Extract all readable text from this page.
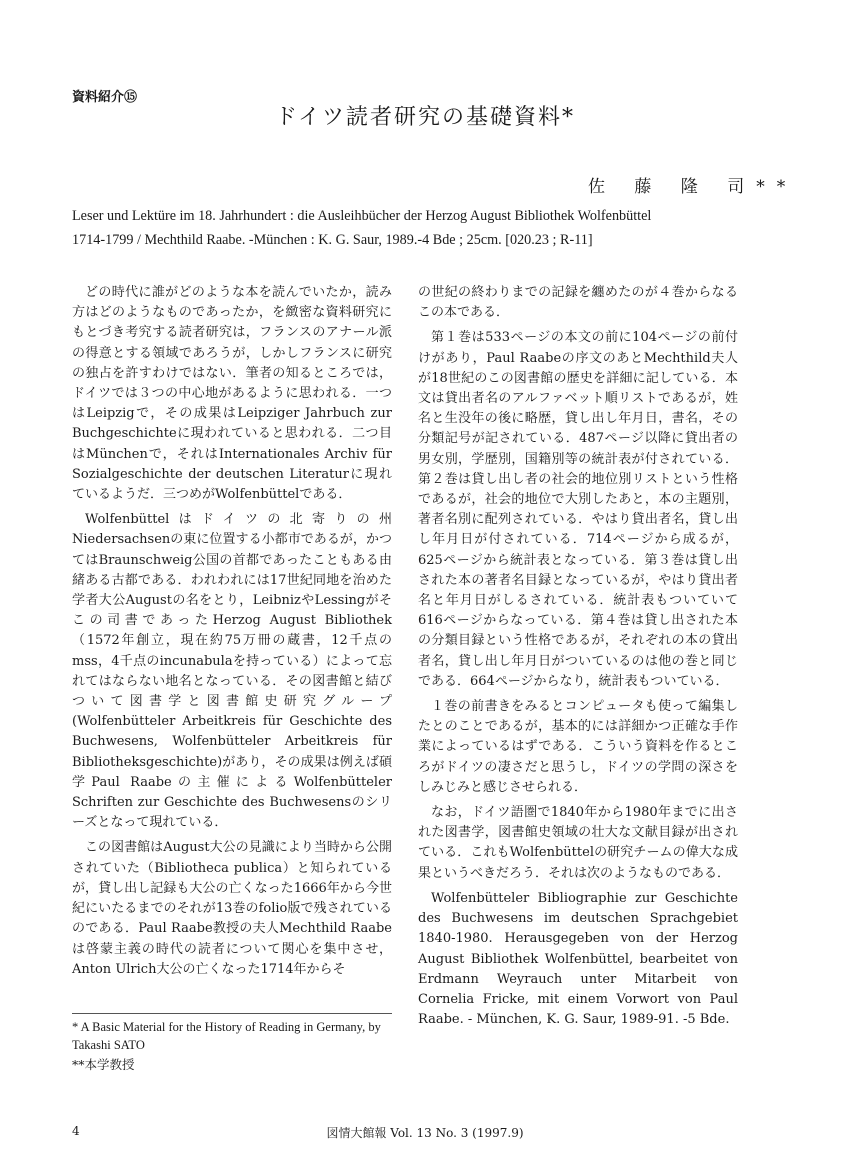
資料紹介⑮
ドイツ読者研究の基礎資料*
佐 藤 隆 司**
Leser und Lektüre im 18. Jahrhundert : die Ausleihbücher der Herzog August Bibliothek Wolfenbüttel
1714-1799 / Mechthild Raabe. -München : K. G. Saur, 1989.-4 Bde ; 25cm. [020.23 ; R-11]

どの時代に誰がどのような本を読んでいたか，読み方はどのようなものであったか，を緻密な資料研究にもとづき考究する読者研究は，フランスのアナール派の得意とする領域であろうが，しかしフランスに研究の独占を許すわけではない．筆者の知るところでは，ドイツでは３つの中心地があるように思われる．一つはLeipzigで，その成果はLeipziger Jahrbuch zur Buchgeschichteに現われていると思われる．二つ目はMünchenで，それはInternationales Archiv für Sozialgeschichte der deutschen Literaturに現れているようだ．三つめがWolfenbüttelである．

Wolfenbüttelはドイツの北寄りの州Niedersachsenの東に位置する小都市であるが，かつてはBraunschweig公国の首都であったこともある由緒ある古都である．われわれには17世紀同地を治めた学者大公Augustの名をとり，LeibnizやLessingがそこの司書であったHerzog August Bibliothek（1572年創立，現在約75万冊の蔵書，12千点のmss，4千点のincunabulaを持っている）によって忘れてはならない地名となっている．その図書館と結びついて図書学と図書館史研究グループ(Wolfenbütteler Arbeitkreis für Geschichte des Buchwesens, Wolfenbütteler Arbeitkreis für Bibliotheksgeschichte)があり，その成果は例えば碩学Paul Raabeの主催によるWolfenbütteler Schriften zur Geschichte des Buchwesensのシリーズとなって現れている．

この図書館はAugust大公の見識により当時から公開されていた（Bibliotheca publica）と知られているが，貸し出し記録も大公の亡くなった1666年から今世紀にいたるまでのそれが13巻のfolio版で残されているのである．Paul Raabe教授の夫人Mechthild Raabeは啓蒙主義の時代の読者について関心を集中させ，Anton Ulrich大公の亡くなった1714年からそ

の世紀の終わりまでの記録を纏めたのが４巻からなるこの本である．

第１巻は533ページの本文の前に104ページの前付けがあり，Paul Raabeの序文のあとMechthild夫人が18世紀のこの図書館の歴史を詳細に記している．本文は貸出者名のアルファベット順リストであるが，姓名と生没年の後に略歴，貸し出し年月日，書名，その分類記号が記されている．487ページ以降に貸出者の男女別，学歴別，国籍別等の統計表が付されている．第２巻は貸し出し者の社会的地位別リストという性格であるが，社会的地位で大別したあと，本の主題別，著者名別に配列されている．やはり貸出者名，貸し出し年月日が付されている．714ページから成るが，625ページから統計表となっている．第３巻は貸し出された本の著者名目録となっているが，やはり貸出者名と年月日がしるされている．統計表もついていて616ページからなっている．第４巻は貸し出された本の分類目録という性格であるが，それぞれの本の貸出者名，貸し出し年月日がついているのは他の巻と同じである．664ページからなり，統計表もついている．

１巻の前書きをみるとコンピュータも使って編集したとのことであるが，基本的には詳細かつ正確な手作業によっているはずである．こういう資料を作るところがドイツの凄さだと思うし，ドイツの学問の深さをしみじみと感じさせられる．

なお，ドイツ語圏で1840年から1980年までに出された図書学，図書館史領域の壮大な文献目録が出されている．これもWolfenbüttelの研究チームの偉大な成果というべきだろう．それは次のようなものである．

Wolfenbütteler Bibliographie zur Geschichte des Buchwesens im deutschen Sprachgebiet 1840-1980. Herausgegeben von der Herzog August Bibliothek Wolfenbüttel, bearbeitet von Erdmann Weyrauch unter Mitarbeit von Cornelia Fricke, mit einem Vorwort von Paul Raabe. - München, K. G. Saur, 1989-91. -5 Bde.

* A Basic Material for the History of Reading in Germany, by Takashi SATO
**本学教授
4	図情大館報 Vol. 13 No. 3 (1997.9)
